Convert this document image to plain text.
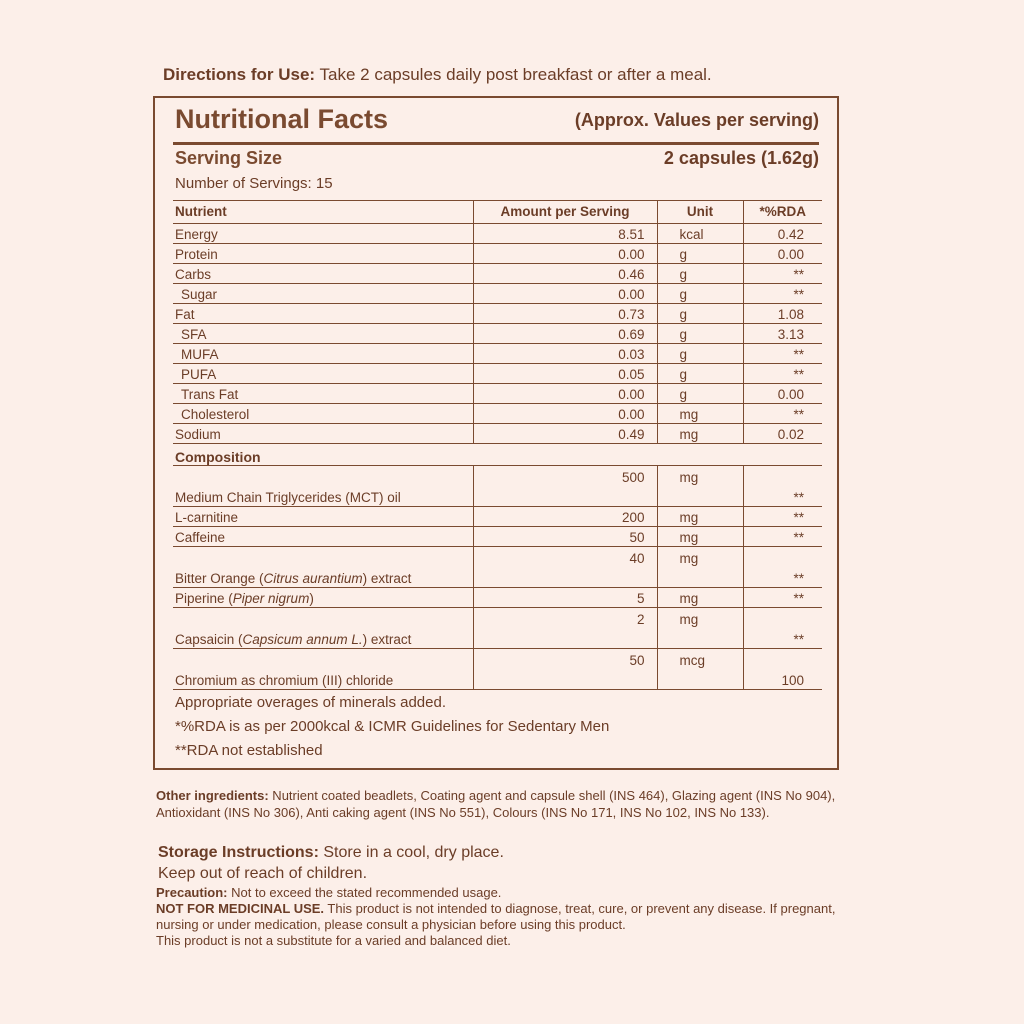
Directions for Use: Take 2 capsules daily post breakfast or after a meal.
Nutritional Facts	(Approx. Values per serving)
Serving Size	2 capsules (1.62g)
Number of Servings: 15
Nutrient	Amount per Serving	Unit	*%RDA
Energy	8.51	kcal	0.42
Protein	0.00	g	0.00
Carbs	0.46	g	**
Sugar	0.00	g	**
Fat	0.73	g	1.08
SFA	0.69	g	3.13
MUFA	0.03	g	**
PUFA	0.05	g	**
Trans Fat	0.00	g	0.00
Cholesterol	0.00	mg	**
Sodium	0.49	mg	0.02
Composition			
Medium Chain Triglycerides (MCT) oil	500	mg	**
L-carnitine	200	mg	**
Caffeine	50	mg	**
Bitter Orange (Citrus aurantium) extract	40	mg	**
Piperine (Piper nigrum)	5	mg	**
Capsaicin (Capsicum annum L.) extract	2	mg	**
Chromium as chromium (III) chloride	50	mcg	100
Appropriate overages of minerals added.
*%RDA is as per 2000kcal & ICMR Guidelines for Sedentary Men
**RDA not established
Other ingredients: Nutrient coated beadlets, Coating agent and capsule shell (INS 464), Glazing agent (INS No 904), Antioxidant (INS No 306), Anti caking agent (INS No 551), Colours (INS No 171, INS No 102, INS No 133).
Storage Instructions: Store in a cool, dry place.
Keep out of reach of children.
Precaution: Not to exceed the stated recommended usage.
NOT FOR MEDICINAL USE. This product is not intended to diagnose, treat, cure, or prevent any disease. If pregnant, nursing or under medication, please consult a physician before using this product.
This product is not a substitute for a varied and balanced diet.
